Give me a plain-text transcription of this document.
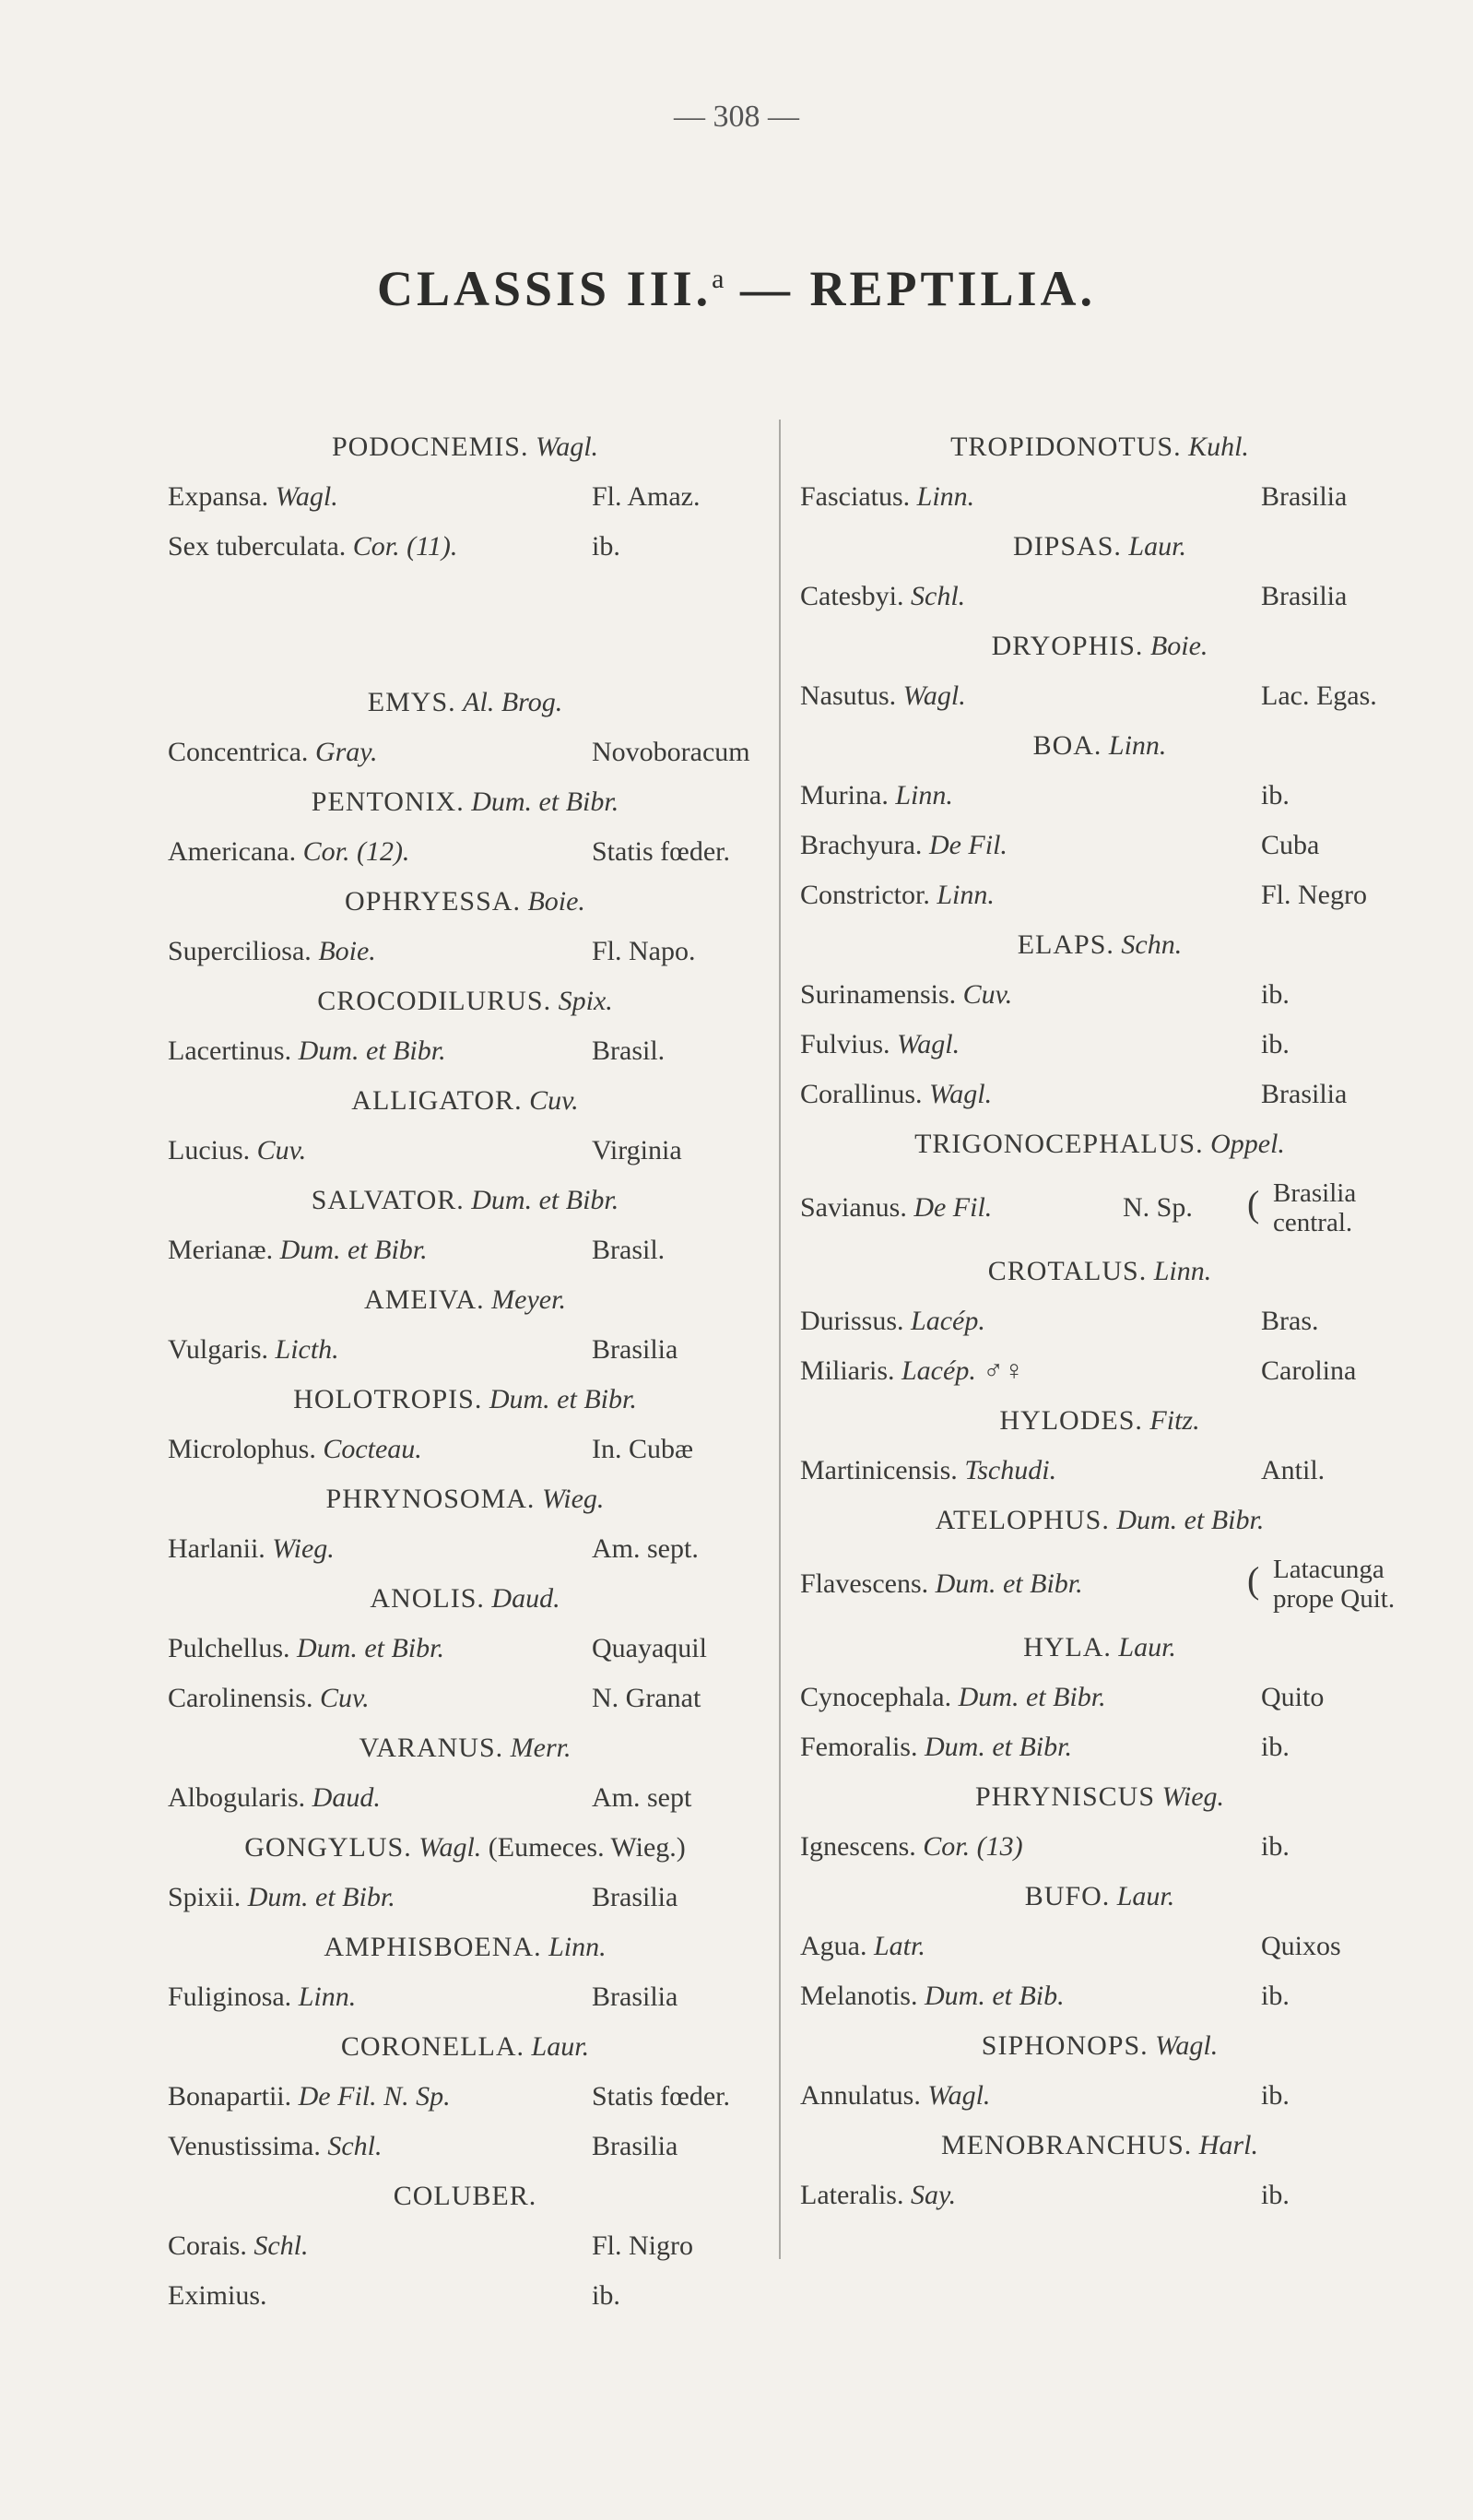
— 308 —
CLASSIS III.$^a$ — REPTILIA.
PODOCNEMIS. Wagl.
Expansa. Wagl.	Fl. Amaz.
Sex tuberculata. Cor. (11).	ib.
EMYS. Al. Brog.
Concentrica. Gray.	Novoboracum
PENTONIX. Dum. et Bibr.
Americana. Cor. (12).	Statis fœder.
OPHRYESSA. Boie.
Superciliosa. Boie.	Fl. Napo.
CROCODILURUS. Spix.
Lacertinus. Dum. et Bibr.	Brasil.
ALLIGATOR. Cuv.
Lucius. Cuv.	Virginia
SALVATOR. Dum. et Bibr.
Merianæ. Dum. et Bibr.	Brasil.
AMEIVA. Meyer.
Vulgaris. Licth.	Brasilia
HOLOTROPIS. Dum. et Bibr.
Microlophus. Cocteau.	In. Cubæ
PHRYNOSOMA. Wieg.
Harlanii. Wieg.	Am. sept.
ANOLIS. Daud.
Pulchellus. Dum. et Bibr.	Quayaquil
Carolinensis. Cuv.	N. Granat
VARANUS. Merr.
Albogularis. Daud.	Am. sept
GONGYLUS. Wagl. (Eumeces. Wieg.)
Spixii. Dum. et Bibr.	Brasilia
AMPHISBOENA. Linn.
Fuliginosa. Linn.	Brasilia
CORONELLA. Laur.
Bonapartii. De Fil. N. Sp.	Statis fœder.
Venustissima. Schl.	Brasilia
COLUBER.
Corais. Schl.	Fl. Nigro
Eximius.	ib.
TROPIDONOTUS. Kuhl.
Fasciatus. Linn.	Brasilia
DIPSAS. Laur.
Catesbyi. Schl.	Brasilia
DRYOPHIS. Boie.
Nasutus. Wagl.	Lac. Egas.
BOA. Linn.
Murina. Linn.	ib.
Brachyura. De Fil.	Cuba
Constrictor. Linn.	Fl. Negro
ELAPS. Schn.
Surinamensis. Cuv.	ib.
Fulvius. Wagl.	ib.
Corallinus. Wagl.	Brasilia
TRIGONOCEPHALUS. Oppel.
Savianus. De Fil.	N. Sp. ( Brasilia
central.
CROTALUS. Linn.
Durissus. Lacép.	Bras.
Miliaris. Lacép. ♂♀	Carolina
HYLODES. Fitz.
Martinicensis. Tschudi.	Antil.
ATELOPHUS. Dum. et Bibr.
Flavescens. Dum. et Bibr.	( Latacunga
prope Quit.
HYLA. Laur.
Cynocephala. Dum. et Bibr.	Quito
Femoralis. Dum. et Bibr.	ib.
PHRYNISCUS Wieg.
Ignescens. Cor. (13)	ib.
BUFO. Laur.
Agua. Latr.	Quixos
Melanotis. Dum. et Bib.	ib.
SIPHONOPS. Wagl.
Annulatus. Wagl.	ib.
MENOBRANCHUS. Harl.
Lateralis. Say.	ib.
